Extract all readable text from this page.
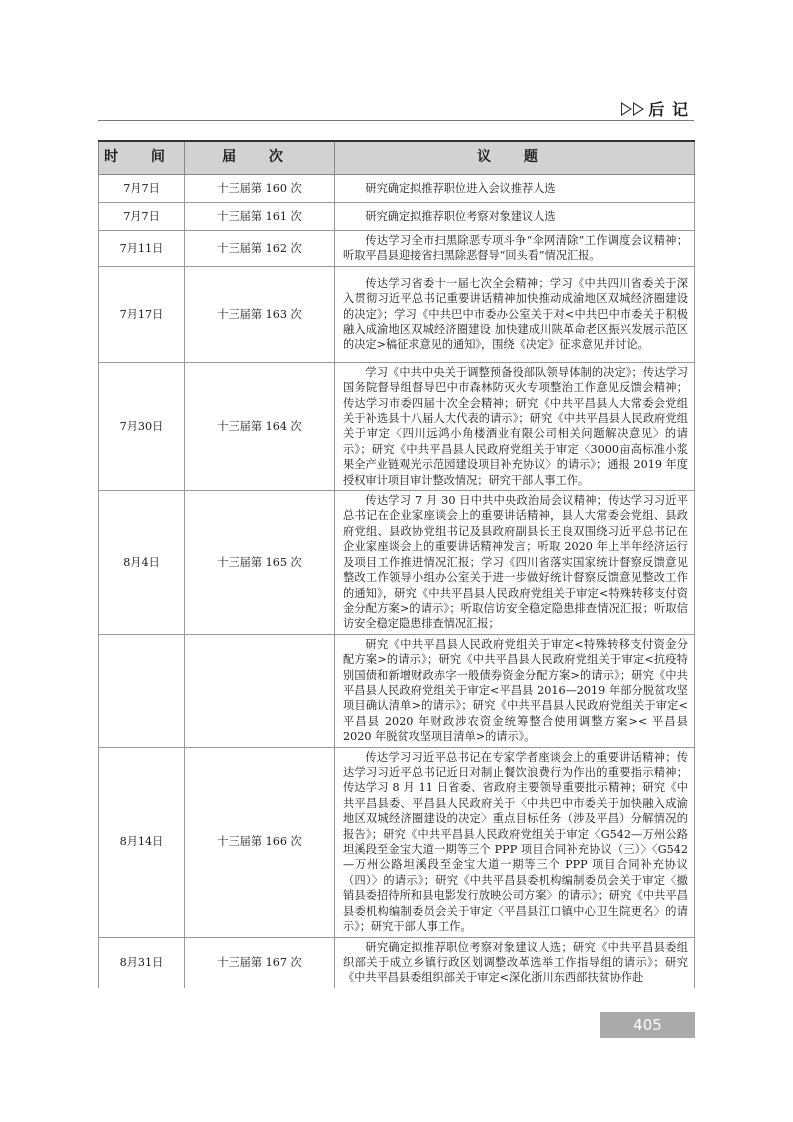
后 记
时 间	届 次	议 题
7月7日	十三届第 160 次	研究确定拟推荐职位进入会议推荐人选
7月7日	十三届第 161 次	研究确定拟推荐职位考察对象建议人选
7月11日	十三届第 162 次	传达学习全市扫黑除恶专项斗争“伞网清除”工作调度会议精神；听取平昌县迎接省扫黑除恶督导“回头看”情况汇报。
7月17日	十三届第 163 次	传达学习省委十一届七次全会精神；学习《中共四川省委关于深入贯彻习近平总书记重要讲话精神加快推动成渝地区双城经济圈建设的决定》；学习《中共巴中市委办公室关于对<中共巴中市委关于积极融入成渝地区双城经济圈建设 加快建成川陕革命老区振兴发展示范区的决定>稿征求意见的通知》，围绕《决定》征求意见并讨论。
7月30日	十三届第 164 次	学习《中共中央关于调整预备役部队领导体制的决定》；传达学习国务院督导组督导巴中市森林防灭火专项整治工作意见反馈会精神；传达学习市委四届十次全会精神；研究《中共平昌县人大常委会党组关于补选县十八届人大代表的请示》；研究《中共平昌县人民政府党组关于审定〈四川远鸿小角楼酒业有限公司相关问题解决意见〉的请示》；研究《中共平昌县人民政府党组关于审定〈3000亩高标准小浆果全产业链观光示范园建设项目补充协议〉的请示》；通报 2019 年度授权审计项目审计整改情况；研究干部人事工作。
8月4日	十三届第 165 次	传达学习 7 月 30 日中共中央政治局会议精神；传达学习习近平总书记在企业家座谈会上的重要讲话精神，县人大常委会党组、县政府党组、县政协党组书记及县政府副县长王良双围绕习近平总书记在企业家座谈会上的重要讲话精神发言；听取 2020 年上半年经济运行及项目工作推进情况汇报；学习《四川省落实国家统计督察反馈意见整改工作领导小组办公室关于进一步做好统计督察反馈意见整改工作的通知》，研究《中共平昌县人民政府党组关于审定<特殊转移支付资金分配方案>的请示》；听取信访安全稳定隐患排查情况汇报；听取信访安全稳定隐患排查情况汇报；
		研究《中共平昌县人民政府党组关于审定<特殊转移支付资金分配方案>的请示》；研究《中共平昌县人民政府党组关于审定<抗疫特别国债和新增财政赤字一般债券资金分配方案>的请示》；研究《中共平昌县人民政府党组关于审定<平昌县 2016—2019 年部分脱贫攻坚项目确认清单>的请示》；研究《中共平昌县人民政府党组关于审定<平昌县 2020 年财政涉农资金统筹整合使用调整方案>< 平昌县 2020 年脱贫攻坚项目清单>的请示》。
8月14日	十三届第 166 次	传达学习习近平总书记在专家学者座谈会上的重要讲话精神；传达学习习近平总书记近日对制止餐饮浪费行为作出的重要指示精神；传达学习 8 月 11 日省委、省政府主要领导重要批示精神；研究《中共平昌县委、平昌县人民政府关于〈中共巴中市委关于加快融入成渝地区双城经济圈建设的决定〉重点目标任务（涉及平昌）分解情况的报告》；研究《中共平昌县人民政府党组关于审定〈G542—万州公路坦溪段至金宝大道一期等三个 PPP 项目合同补充协议（三）〉〈G542—万州公路坦溪段至金宝大道一期等三个 PPP 项目合同补充协议（四）〉的请示》；研究《中共平昌县委机构编制委员会关于审定〈撤销县委招待所和县电影发行放映公司方案〉的请示》；研究《中共平昌县委机构编制委员会关于审定〈平昌县江口镇中心卫生院更名〉的请示》；研究干部人事工作。
8月31日	十三届第 167 次	研究确定拟推荐职位考察对象建议人选；研究《中共平昌县委组织部关于成立乡镇行政区划调整改革选举工作指导组的请示》；研究《中共平昌县委组织部关于审定<深化浙川东西部扶贫协作赴
405
